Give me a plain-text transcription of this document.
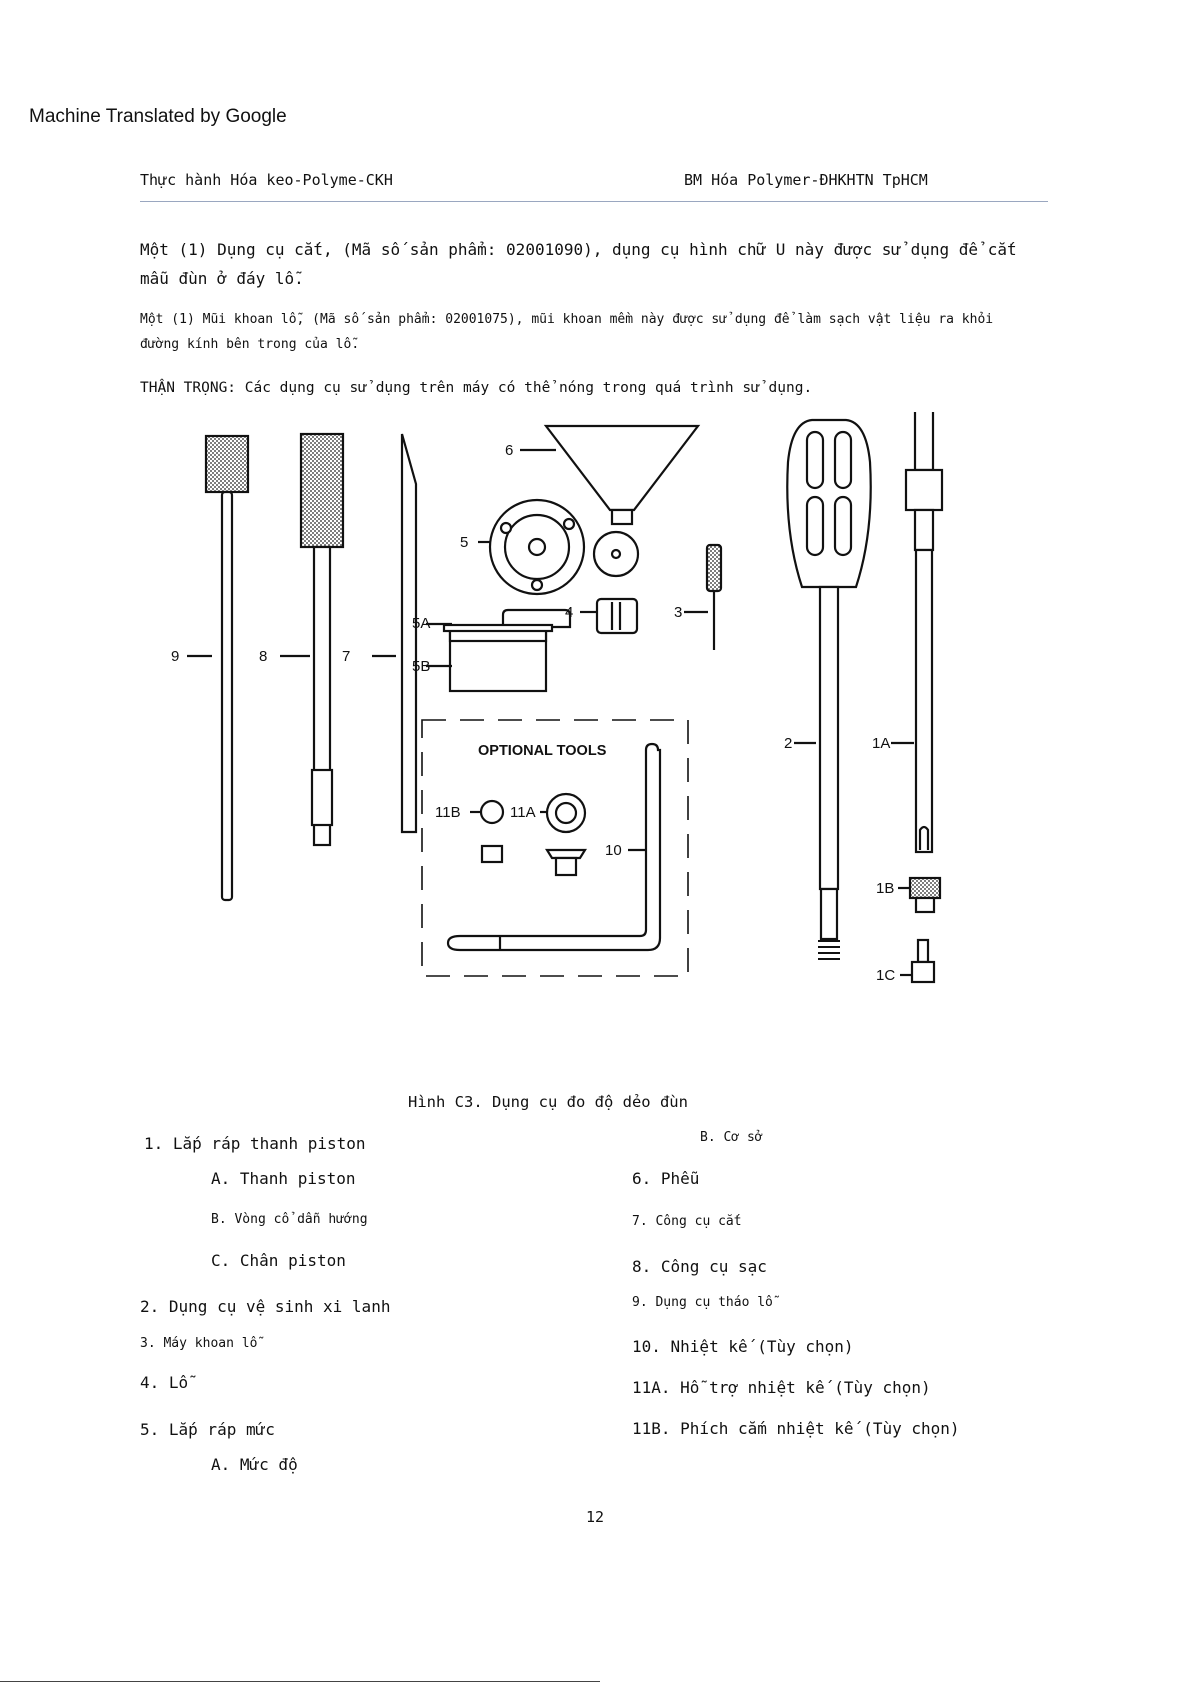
Machine Translated by Google
Thực hành Hóa keo-Polyme-CKH	BM Hóa Polymer-ĐHKHTN TpHCM
Một (1) Dụng cụ cắt, (Mã số sản phẩm: 02001090), dụng cụ hình chữ U này được sử dụng để cắt
mẫu đùn ở đáy lỗ.
Một (1) Mũi khoan lỗ, (Mã số sản phẩm: 02001075), mũi khoan mềm này được sử dụng để làm sạch vật liệu ra khỏi
đường kính bên trong của lỗ.
THẬN TRỌNG: Các dụng cụ sử dụng trên máy có thể nóng trong quá trình sử dụng.
9	8	7
6
5
5A
5B
4	3
2	1A
1B
1C
11B	11A
10
OPTIONAL TOOLS
Hình C3. Dụng cụ đo độ dẻo đùn
1. Lắp ráp thanh piston
A. Thanh piston
B. Vòng cổ dẫn hướng
C. Chân piston
2. Dụng cụ vệ sinh xi lanh
3. Máy khoan lỗ
4. Lỗ
5. Lắp ráp mức
A. Mức độ
B. Cơ sở
6. Phễu
7. Công cụ cắt
8. Công cụ sạc
9. Dụng cụ tháo lỗ
10. Nhiệt kế (Tùy chọn)
11A. Hỗ trợ nhiệt kế (Tùy chọn)
11B. Phích cắm nhiệt kế (Tùy chọn)
12
